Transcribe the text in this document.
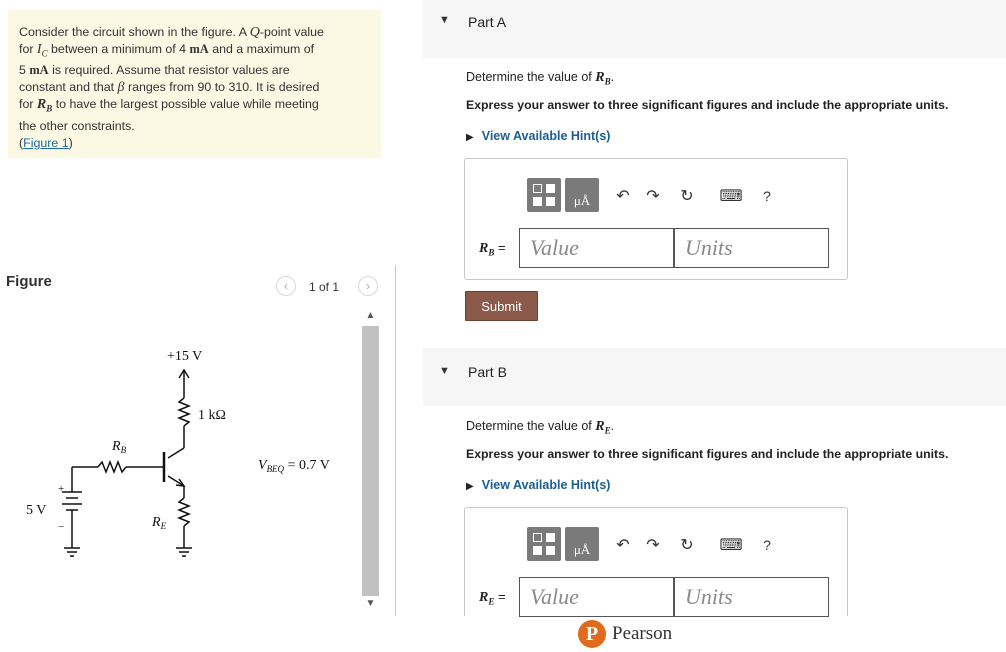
Consider the circuit shown in the figure. A Q-point value
for $I_C$ between a minimum of 4 mA and a maximum of
5 mA is required. Assume that resistor values are
constant and that β ranges from 90 to 310. It is desired
for $R_B$ to have the largest possible value while meeting
the other constraints.
(Figure 1)
Figure	‹ 1 of 1 ›
+15 V
1 kΩ
$R_B$
$V_{BEQ} = 0.7$ V
5 V
+
−	$R_E$
▲
▼
▼ Part A
Determine the value of $R_B$.
Express your answer to three significant figures and include the appropriate units.
▶ View Available Hint(s)
μÅ	↶	↷	↻	⌨	?
$R_B$ =	Value	Units
Submit
▼ Part B
Determine the value of $R_E$.
Express your answer to three significant figures and include the appropriate units.
▶ View Available Hint(s)
μÅ	↶	↷	↻	⌨	?
$R_E$ =	Value	Units
P Pearson
